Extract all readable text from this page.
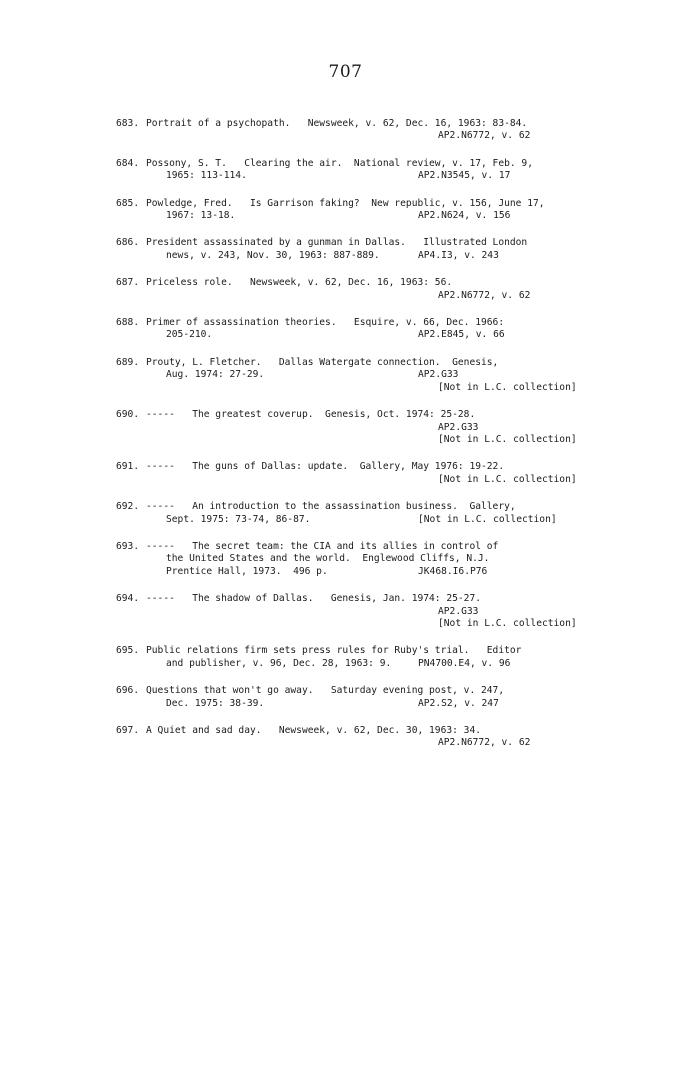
707
683. Portrait of a psychopath.   Newsweek, v. 62, Dec. 16, 1963: 83-84.
AP2.N6772, v. 62
684. Possony, S. T.   Clearing the air.  National review, v. 17, Feb. 9,
1965: 113-114.	AP2.N3545, v. 17
685. Powledge, Fred.   Is Garrison faking?  New republic, v. 156, June 17,
1967: 13-18.	AP2.N624, v. 156
686. President assassinated by a gunman in Dallas.   Illustrated London
news, v. 243, Nov. 30, 1963: 887-889.	AP4.I3, v. 243
687. Priceless role.   Newsweek, v. 62, Dec. 16, 1963: 56.
AP2.N6772, v. 62
688. Primer of assassination theories.   Esquire, v. 66, Dec. 1966:
205-210.	AP2.E845, v. 66
689. Prouty, L. Fletcher.   Dallas Watergate connection.  Genesis,
Aug. 1974: 27-29.	AP2.G33
[Not in L.C. collection]
690. -----   The greatest coverup.  Genesis, Oct. 1974: 25-28.
AP2.G33
[Not in L.C. collection]
691. -----   The guns of Dallas: update.  Gallery, May 1976: 19-22.
[Not in L.C. collection]
692. -----   An introduction to the assassination business.  Gallery,
Sept. 1975: 73-74, 86-87.	[Not in L.C. collection]
693. -----   The secret team: the CIA and its allies in control of
the United States and the world.  Englewood Cliffs, N.J.
Prentice Hall, 1973.  496 p.	JK468.I6.P76
694. -----   The shadow of Dallas.   Genesis, Jan. 1974: 25-27.
AP2.G33
[Not in L.C. collection]
695. Public relations firm sets press rules for Ruby's trial.   Editor
and publisher, v. 96, Dec. 28, 1963: 9.	PN4700.E4, v. 96
696. Questions that won't go away.   Saturday evening post, v. 247,
Dec. 1975: 38-39.	AP2.S2, v. 247
697. A Quiet and sad day.   Newsweek, v. 62, Dec. 30, 1963: 34.
AP2.N6772, v. 62
